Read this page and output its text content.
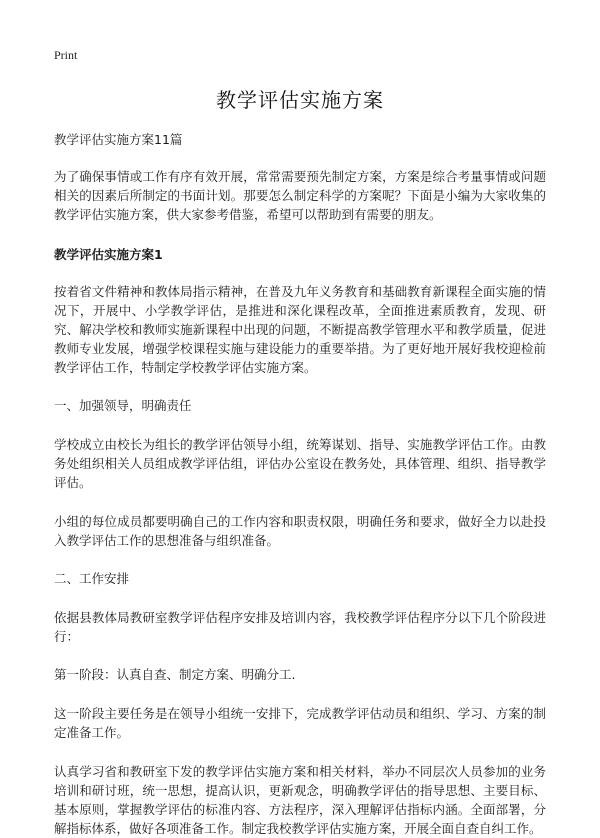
Print
教学评估实施方案

教学评估实施方案11篇

为了确保事情或工作有序有效开展，常常需要预先制定方案，方案是综合考量事情或问题相关的因素后所制定的书面计划。那要怎么制定科学的方案呢？下面是小编为大家收集的教学评估实施方案，供大家参考借鉴，希望可以帮助到有需要的朋友。

教学评估实施方案1

按着省文件精神和教体局指示精神，在普及九年义务教育和基础教育新课程全面实施的情况下，开展中、小学教学评估，是推进和深化课程改革，全面推进素质教育，发现、研究、解决学校和教师实施新课程中出现的问题，不断提高教学管理水平和教学质量，促进教师专业发展，增强学校课程实施与建设能力的重要举措。为了更好地开展好我校迎检前教学评估工作，特制定学校教学评估实施方案。

一、加强领导，明确责任

学校成立由校长为组长的教学评估领导小组，统筹谋划、指导、实施教学评估工作。由教务处组织相关人员组成教学评估组，评估办公室设在教务处，具体管理、组织、指导教学评估。

小组的每位成员都要明确自己的工作内容和职责权限，明确任务和要求，做好全力以赴投入教学评估工作的思想准备与组织准备。

二、工作安排

依据县教体局教研室教学评估程序安排及培训内容，我校教学评估程序分以下几个阶段进行：

第一阶段：认真自查、制定方案、明确分工.

这一阶段主要任务是在领导小组统一安排下，完成教学评估动员和组织、学习、方案的制定准备工作。

认真学习省和教研室下发的教学评估实施方案和相关材料，举办不同层次人员参加的业务培训和研讨班，统一思想，提高认识，更新观念，明确教学评估的指导思想、主要目标、基本原则，掌握教学评估的标准内容、方法程序，深入理解评估指标内涵。全面部署，分解指标体系，做好各项准备工作。制定我校教学评估实施方案，开展全面自查自纠工作。
